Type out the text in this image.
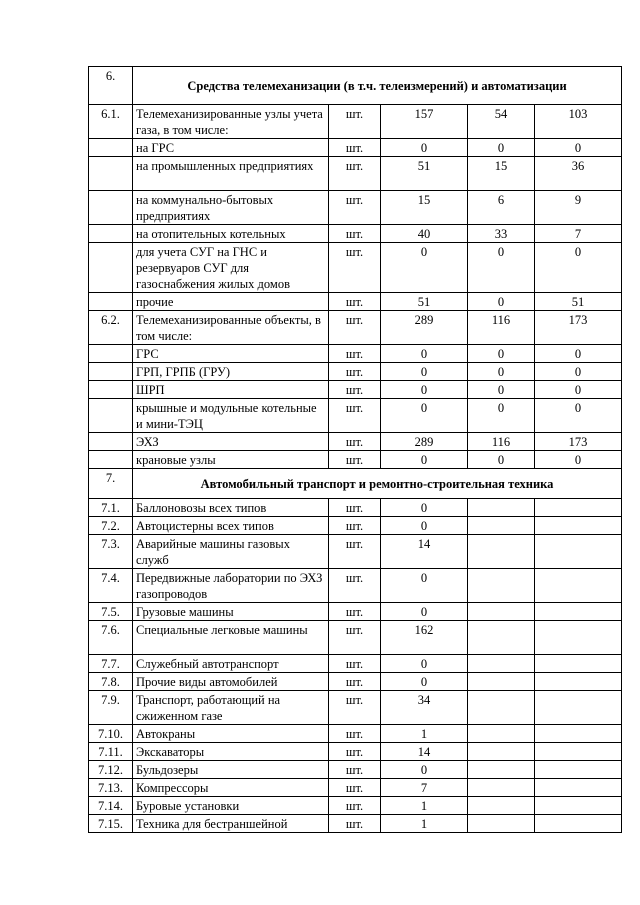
6.	Средства телемеханизации (в т.ч. телеизмерений) и автоматизации				
6.1.	Телемеханизированные узлы учета газа, в том числе:	шт.	157	54	103
	на ГРС	шт.	0	0	0
	на промышленных предприятиях	шт.	51	15	36
	на коммунально-бытовых предприятиях	шт.	15	6	9
	на отопительных котельных	шт.	40	33	7
	для учета СУГ на ГНС и резервуаров СУГ для газоснабжения жилых домов	шт.	0	0	0
	прочие	шт.	51	0	51
6.2.	Телемеханизированные объекты, в том числе:	шт.	289	116	173
	ГРС	шт.	0	0	0
	ГРП, ГРПБ (ГРУ)	шт.	0	0	0
	ШРП	шт.	0	0	0
	крышные и модульные котельные и мини-ТЭЦ	шт.	0	0	0
	ЭХЗ	шт.	289	116	173
	крановые узлы	шт.	0	0	0
7.	Автомобильный транспорт и ремонтно-строительная техника				
7.1.	Баллоновозы всех типов	шт.	0		
7.2.	Автоцистерны всех типов	шт.	0		
7.3.	Аварийные машины газовых служб	шт.	14		
7.4.	Передвижные лаборатории по ЭХЗ газопроводов	шт.	0		
7.5.	Грузовые машины	шт.	0		
7.6.	Специальные легковые машины	шт.	162		
7.7.	Служебный автотранспорт	шт.	0		
7.8.	Прочие виды автомобилей	шт.	0		
7.9.	Транспорт, работающий на сжиженном газе	шт.	34		
7.10.	Автокраны	шт.	1		
7.11.	Экскаваторы	шт.	14		
7.12.	Бульдозеры	шт.	0		
7.13.	Компрессоры	шт.	7		
7.14.	Буровые установки	шт.	1		
7.15.	Техника для бестраншейной	шт.	1		
